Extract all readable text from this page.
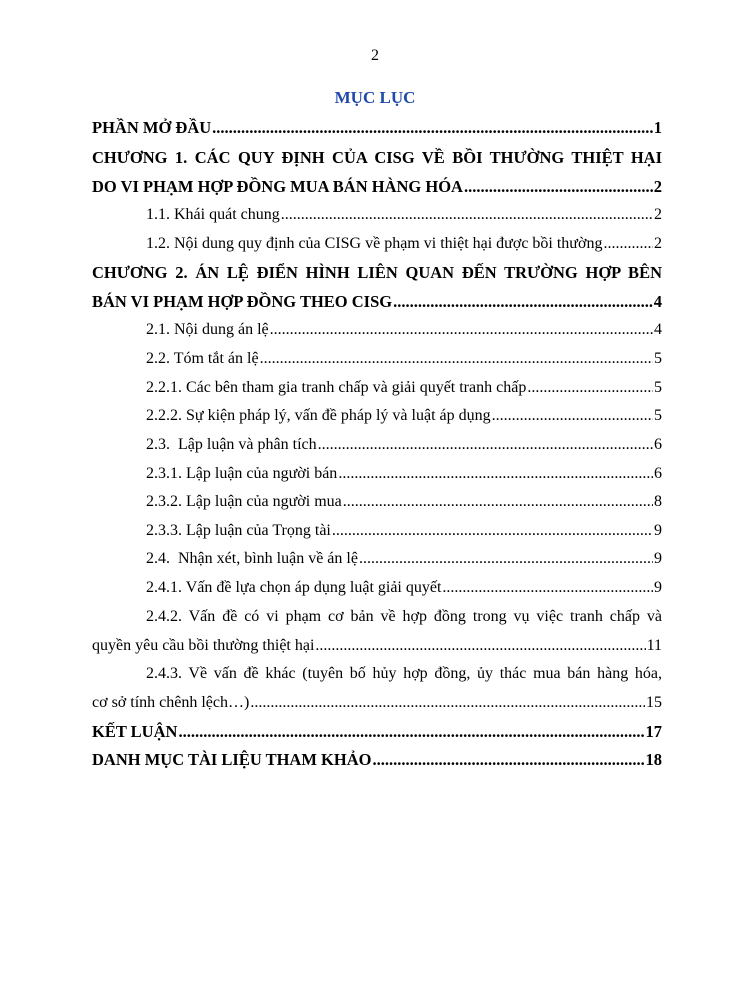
2
MỤC LỤC
PHẦN MỞ ĐẦU .....	1
CHƯƠNG 1. CÁC QUY ĐỊNH CỦA CISG VỀ BỒI THƯỜNG THIỆT HẠI
DO VI PHẠM HỢP ĐỒNG MUA BÁN HÀNG HÓA .....	2
1.1. Khái quát chung .....	2
1.2. Nội dung quy định của CISG về phạm vi thiệt hại được bồi thường .....	2
CHƯƠNG 2. ÁN LỆ ĐIỂN HÌNH LIÊN QUAN ĐẾN TRƯỜNG HỢP BÊN
BÁN VI PHẠM HỢP ĐỒNG THEO CISG .....	4
2.1. Nội dung án lệ .....	4
2.2. Tóm tắt án lệ .....	5
2.2.1. Các bên tham gia tranh chấp và giải quyết tranh chấp .....	5
2.2.2. Sự kiện pháp lý, vấn đề pháp lý và luật áp dụng .....	5
2.3.  Lập luận và phân tích .....	6
2.3.1. Lập luận của người bán .....	6
2.3.2. Lập luận của người mua .....	8
2.3.3. Lập luận của Trọng tài .....	9
2.4.  Nhận xét, bình luận về án lệ .....	9
2.4.1. Vấn đề lựa chọn áp dụng luật giải quyết .....	9
2.4.2. Vấn đề có vi phạm cơ bản về hợp đồng trong vụ việc tranh chấp và
quyền yêu cầu bồi thường thiệt hại .....	11
2.4.3. Về vấn đề khác (tuyên bố hủy hợp đồng, ủy thác mua bán hàng hóa,
cơ sở tính chênh lệch…) .....	15
KẾT LUẬN .....	17
DANH MỤC TÀI LIỆU THAM KHẢO .....	18
